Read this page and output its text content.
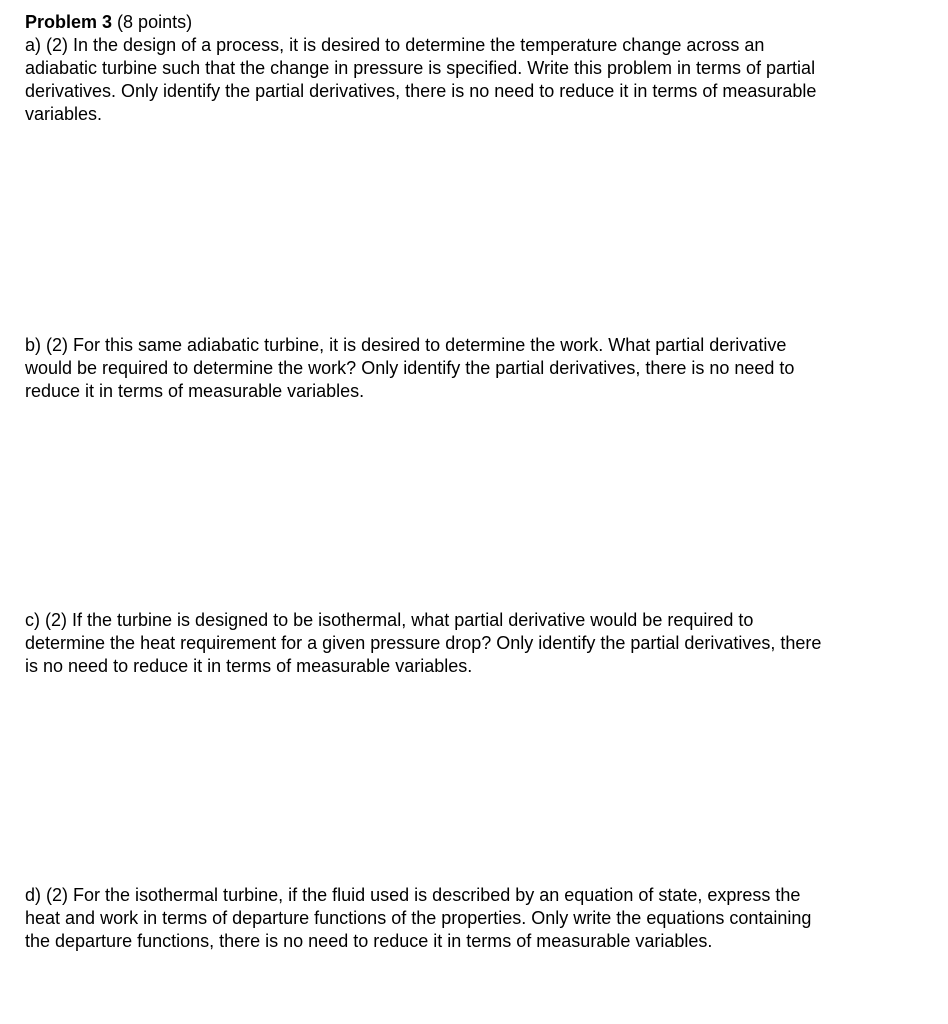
Problem 3 (8 points)
a) (2) In the design of a process, it is desired to determine the temperature change across an
adiabatic turbine such that the change in pressure is specified. Write this problem in terms of partial
derivatives. Only identify the partial derivatives, there is no need to reduce it in terms of measurable
variables.
b) (2) For this same adiabatic turbine, it is desired to determine the work. What partial derivative
would be required to determine the work? Only identify the partial derivatives, there is no need to
reduce it in terms of measurable variables.
c) (2) If the turbine is designed to be isothermal, what partial derivative would be required to
determine the heat requirement for a given pressure drop? Only identify the partial derivatives, there
is no need to reduce it in terms of measurable variables.
d) (2) For the isothermal turbine, if the fluid used is described by an equation of state, express the
heat and work in terms of departure functions of the properties. Only write the equations containing
the departure functions, there is no need to reduce it in terms of measurable variables.
